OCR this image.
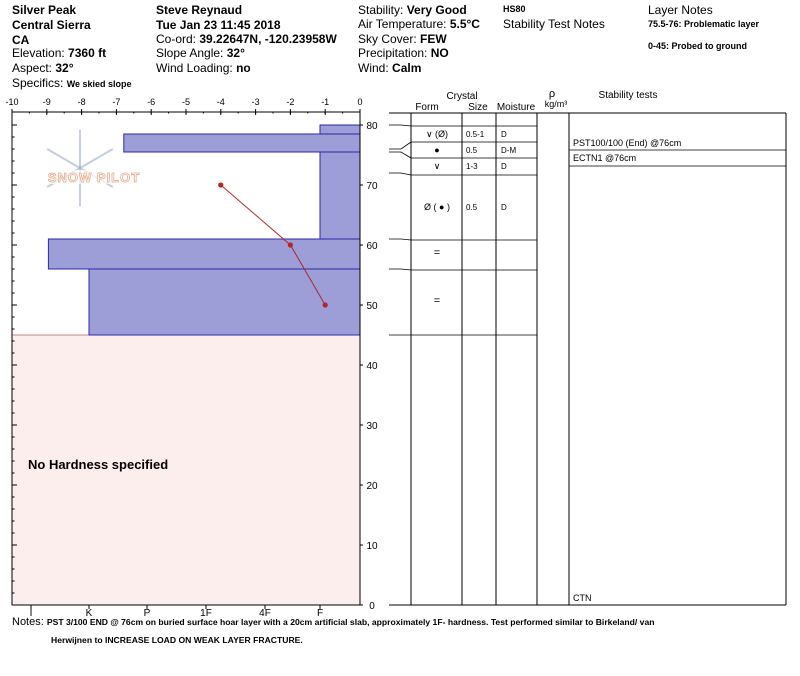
Silver Peak
Central Sierra
CA
Elevation: 7360 ft
Aspect: 32°
Specifics: We skied slope
Steve Reynaud
Tue Jan 23 11:45 2018
Co-ord: 39.22647N, -120.23958W
Slope Angle: 32°
Wind Loading: no
Stability: Very Good
Air Temperature: 5.5°C
Sky Cover: FEW
Precipitation: NO
Wind: Calm
HS80
Stability Test Notes
Layer Notes
75.5-76: Problematic layer
0-45: Probed to ground
No Hardness specified
SNOW PILOT
-10	-9	-8	-7	-6	-5	-4	-3	-2	-1	0
0
10
20
30
40
50
60
70
80
I	K	P	1F	4F	F
Crystal
Form	Size Moisture
ρ
kg/m³
Stability tests
∨ (Ø) 0.5-1 D
●	0.5	D-M
∨	1-3	D
Ø ( ● ) 0.5	D
=
=
PST100/100 (End) @76cm
ECTN1 @76cm
CTN
Notes: PST 3/100 END @ 76cm on buried surface hoar layer with a 20cm artificial slab, approximately 1F- hardness. Test performed similar to Birkeland/ van
Herwijnen to INCREASE LOAD ON WEAK LAYER FRACTURE.
